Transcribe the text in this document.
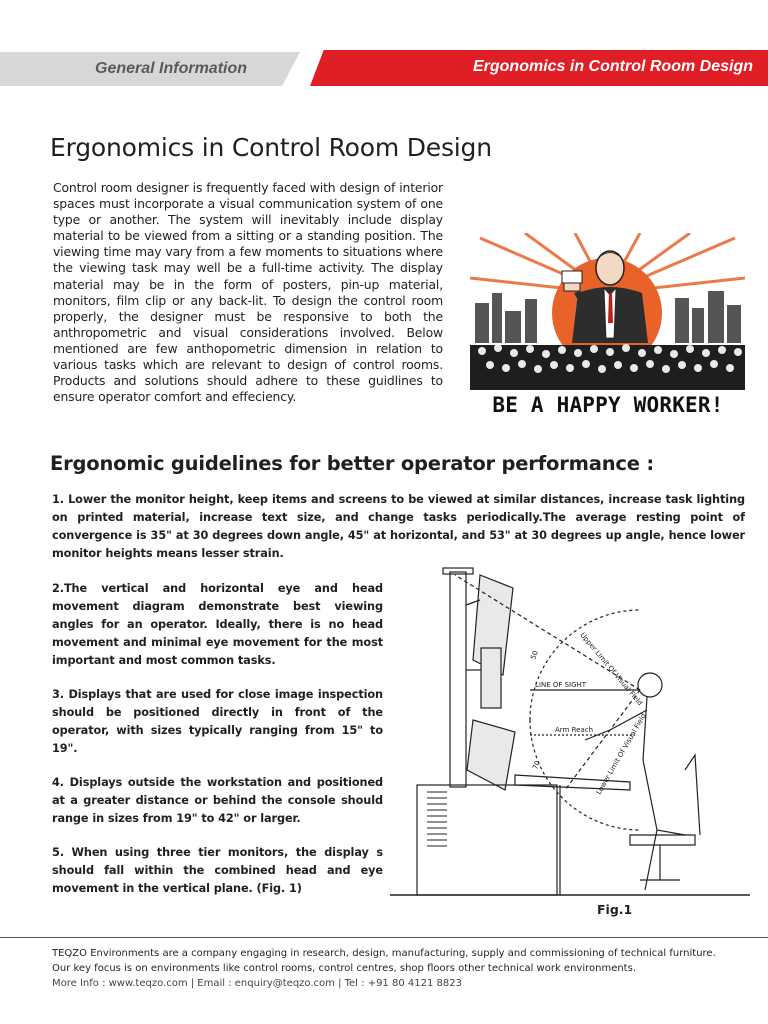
General Information	Ergonomics in Control Room Design
Ergonomics in Control Room Design

Control room designer is frequently faced with design of interior spaces must incorporate a visual communication system of one type or another. The system will inevitably include display material to be viewed from a sitting or a standing position. The viewing time may vary from a few moments to situations where the viewing task may well be a full-time activity. The display material may be in the form of posters, pin-up material, monitors, film clip or any back-lit. To design the control room properly, the designer must be responsive to both the anthropometric and visual considerations involved. Below mentioned are few anthopometric dimension in relation to various tasks which are relevant to design of control rooms. Products and solutions should adhere to these guidlines to ensure operator comfort and effeciency.	BE A HAPPY WORKER!
Ergonomic guidelines for better operator performance :

1. Lower the monitor height, keep items and screens to be viewed at similar distances, increase task lighting on printed material, increase text size, and change tasks periodically.The average resting point of convergence is 35" at 30 degrees down angle, 45" at horizontal, and 53" at 30 degrees up angle, hence lower monitor heights means lesser strain.

2.The vertical and horizontal eye and head movement diagram demonstrate best viewing angles for an operator. Ideally, there is no head movement and minimal eye movement for the most important and most common tasks.

3. Displays that are used for close image inspection should be positioned directly in front of the operator, with sizes typically ranging from 15" to 19".

4. Displays outside the workstation and positioned at a greater distance or behind the console should range in sizes from 19" to 42" or larger.

5. When using three tier monitors, the display s should fall within the combined head and eye movement in the vertical plane. (Fig. 1)

LINE OF SIGHT
Arm Reach
Upper Limit Of Visual Field
Lower Limit Of Visual Field
50
70
Fig.1
TEQZO Environments are a company engaging in research, design, manufacturing, supply and commissioning of technical furniture.
Our key focus is on environments like control rooms, control centres, shop floors other technical work environments.
More Info : www.teqzo.com | Email : enquiry@teqzo.com | Tel : +91 80 4121 8823
